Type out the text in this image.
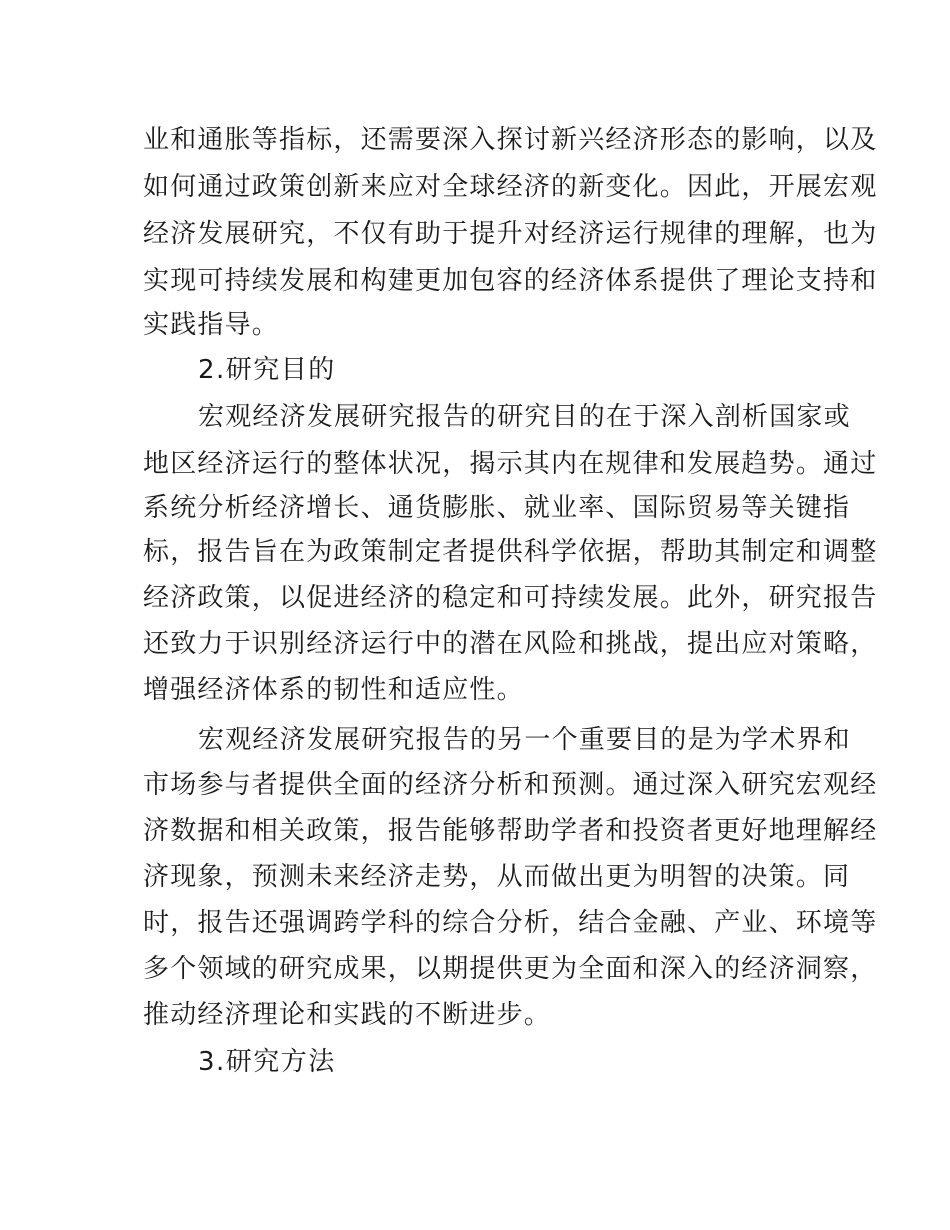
业和通胀等指标，还需要深入探讨新兴经济形态的影响，以及
如何通过政策创新来应对全球经济的新变化。因此，开展宏观
经济发展研究，不仅有助于提升对经济运行规律的理解，也为
实现可持续发展和构建更加包容的经济体系提供了理论支持和
实践指导。
2.研究目的
宏观经济发展研究报告的研究目的在于深入剖析国家或
地区经济运行的整体状况，揭示其内在规律和发展趋势。通过
系统分析经济增长、通货膨胀、就业率、国际贸易等关键指
标，报告旨在为政策制定者提供科学依据，帮助其制定和调整
经济政策，以促进经济的稳定和可持续发展。此外，研究报告
还致力于识别经济运行中的潜在风险和挑战，提出应对策略，
增强经济体系的韧性和适应性。
宏观经济发展研究报告的另一个重要目的是为学术界和
市场参与者提供全面的经济分析和预测。通过深入研究宏观经
济数据和相关政策，报告能够帮助学者和投资者更好地理解经
济现象，预测未来经济走势，从而做出更为明智的决策。同
时，报告还强调跨学科的综合分析，结合金融、产业、环境等
多个领域的研究成果，以期提供更为全面和深入的经济洞察，
推动经济理论和实践的不断进步。
3.研究方法
